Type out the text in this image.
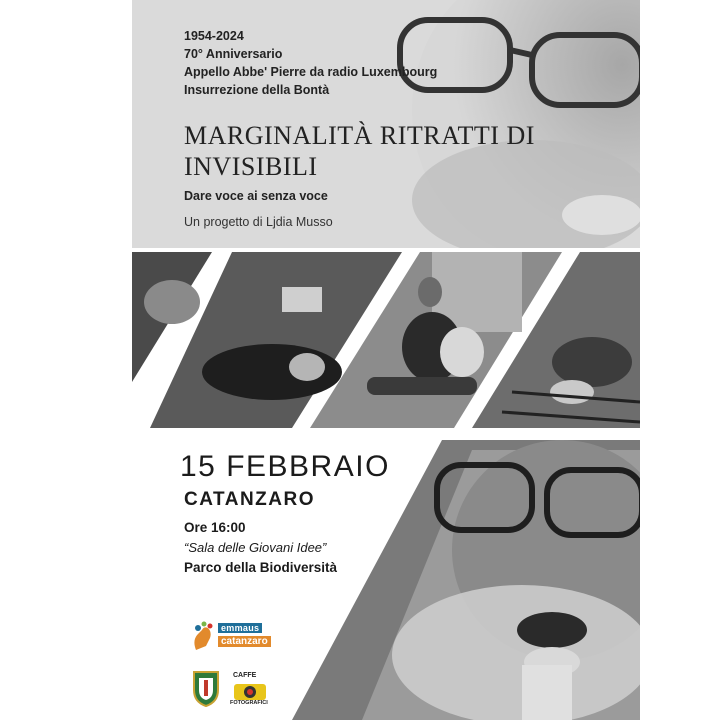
1954-2024
70° Anniversario
Appello Abbe' Pierre da radio Luxembourg
Insurrezione della Bontà
MARGINALITÀ RITRATTI DI INVISIBILI
Dare voce ai senza voce
Un progetto di Ljdia Musso
15 FEBBRAIO
CATANZARO
Ore 16:00
“Sala delle Giovani Idee”
Parco della Biodiversità
emmaus
catanzaro
CAFFE
FOTOGRAFICI
